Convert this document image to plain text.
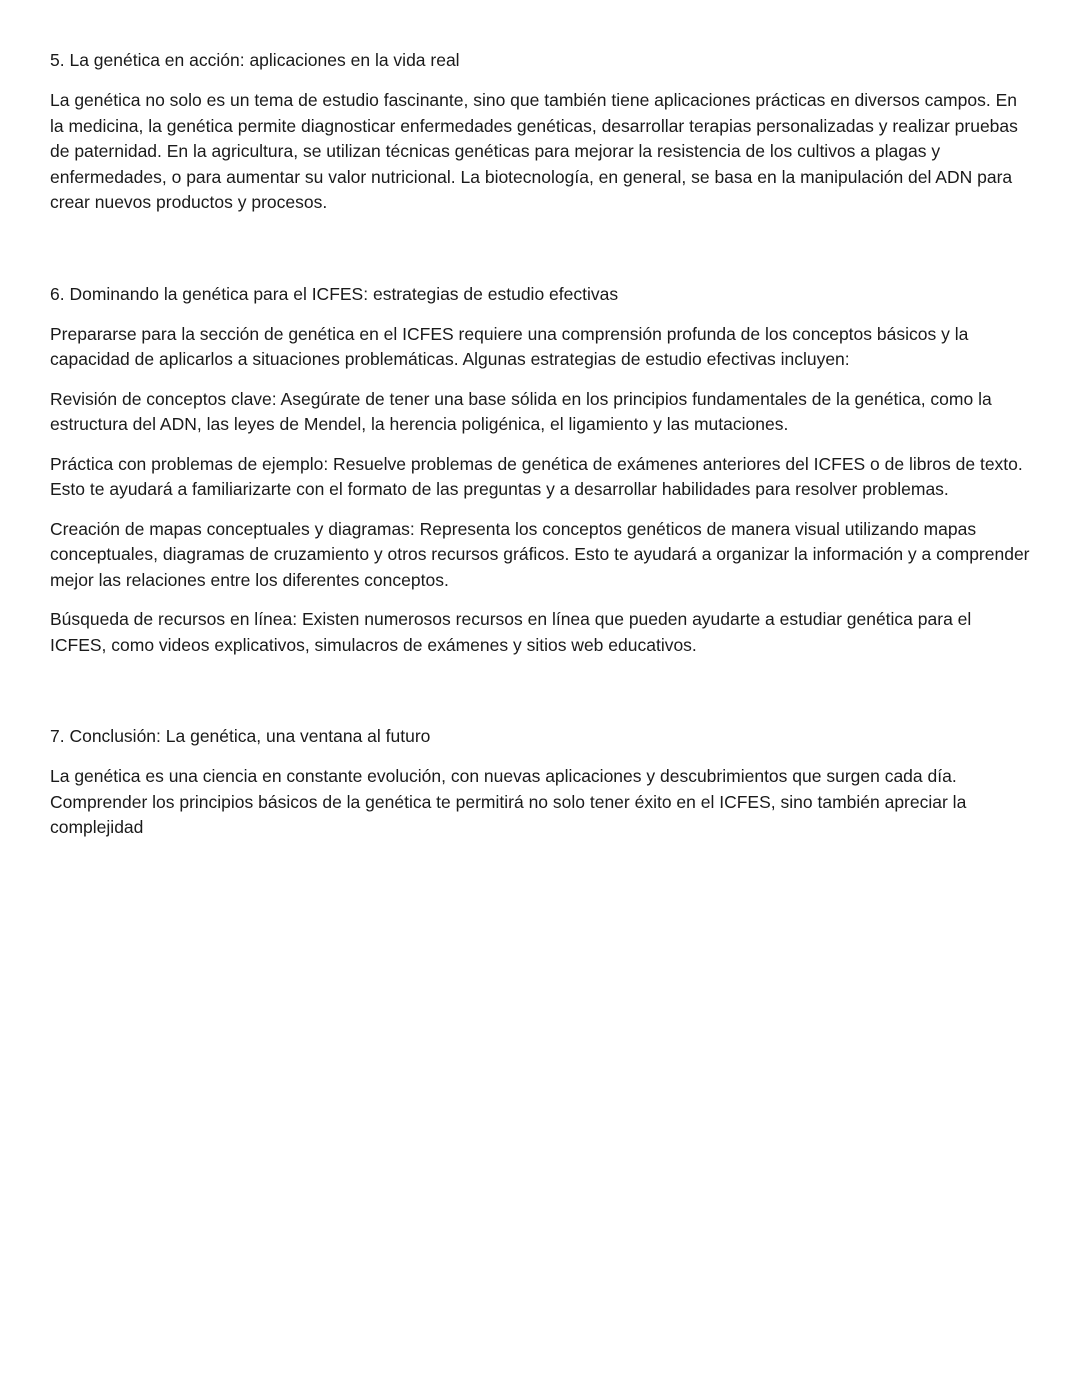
5. La genética en acción: aplicaciones en la vida real

La genética no solo es un tema de estudio fascinante, sino que también tiene aplicaciones prácticas en diversos campos. En la medicina, la genética permite diagnosticar enfermedades genéticas, desarrollar terapias personalizadas y realizar pruebas de paternidad. En la agricultura, se utilizan técnicas genéticas para mejorar la resistencia de los cultivos a plagas y enfermedades, o para aumentar su valor nutricional. La biotecnología, en general, se basa en la manipulación del ADN para crear nuevos productos y procesos.

6. Dominando la genética para el ICFES: estrategias de estudio efectivas

Prepararse para la sección de genética en el ICFES requiere una comprensión profunda de los conceptos básicos y la capacidad de aplicarlos a situaciones problemáticas. Algunas estrategias de estudio efectivas incluyen:

Revisión de conceptos clave: Asegúrate de tener una base sólida en los principios fundamentales de la genética, como la estructura del ADN, las leyes de Mendel, la herencia poligénica, el ligamiento y las mutaciones.

Práctica con problemas de ejemplo: Resuelve problemas de genética de exámenes anteriores del ICFES o de libros de texto. Esto te ayudará a familiarizarte con el formato de las preguntas y a desarrollar habilidades para resolver problemas.

Creación de mapas conceptuales y diagramas: Representa los conceptos genéticos de manera visual utilizando mapas conceptuales, diagramas de cruzamiento y otros recursos gráficos. Esto te ayudará a organizar la información y a comprender mejor las relaciones entre los diferentes conceptos.

Búsqueda de recursos en línea: Existen numerosos recursos en línea que pueden ayudarte a estudiar genética para el ICFES, como videos explicativos, simulacros de exámenes y sitios web educativos.

7. Conclusión: La genética, una ventana al futuro

La genética es una ciencia en constante evolución, con nuevas aplicaciones y descubrimientos que surgen cada día. Comprender los principios básicos de la genética te permitirá no solo tener éxito en el ICFES, sino también apreciar la complejidad
